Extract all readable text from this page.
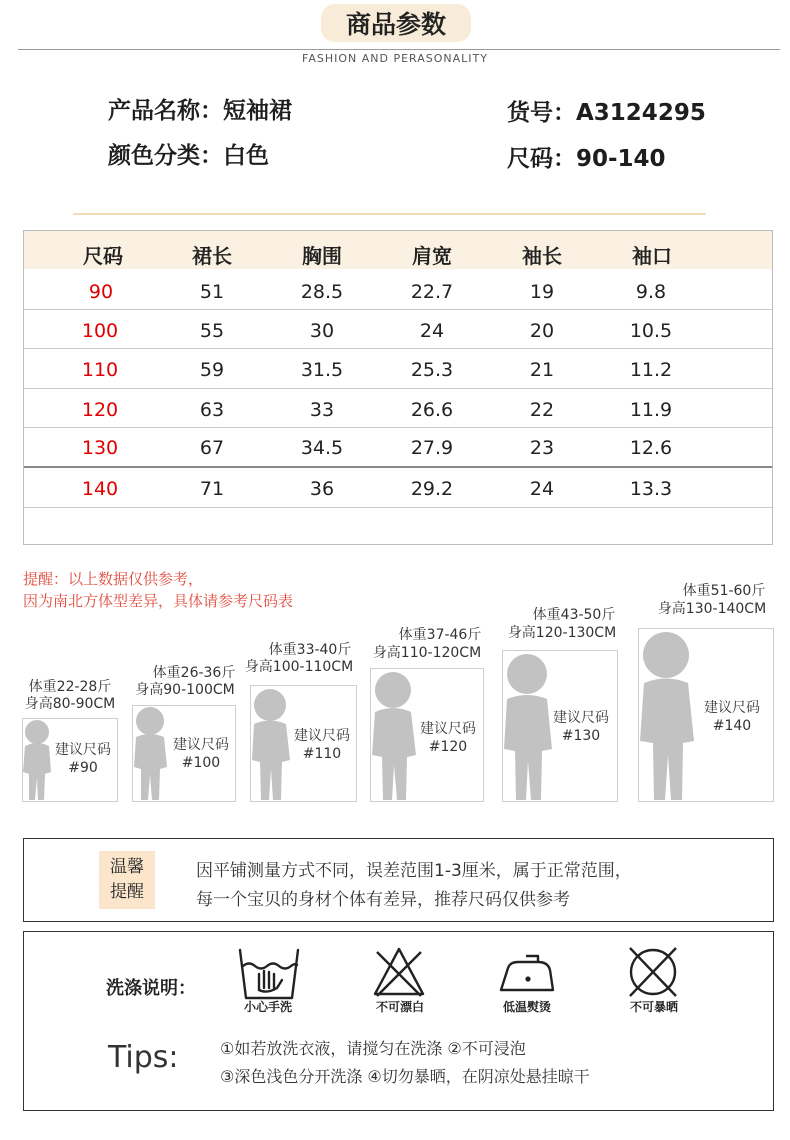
商品参数
FASHION AND PERASONALITY
产品名称：短袖裙	货号：A3124295
颜色分类：白色	尺码：90-140
尺码	裙长	胸围	肩宽	袖长	袖口
90	51	28.5	22.7	19	9.8
100	55	30	24	20	10.5
110	59	31.5	25.3	21	11.2
120	63	33	26.6	22	11.9
130	67	34.5	27.9	23	12.6
140	71	36	29.2	24	13.3
提醒：以上数据仅供参考，
因为南北方体型差异，具体请参考尺码表
体重22-28斤
身高80-90CM
建议尺码
#90
体重26-36斤
身高90-100CM
建议尺码
#100
体重33-40斤
身高100-110CM
建议尺码
#110
体重37-46斤
身高110-120CM
建议尺码
#120
体重43-50斤
身高120-130CM
建议尺码
#130
体重51-60斤
身高130-140CM
建议尺码
#140
温馨
提醒
因平铺测量方式不同，误差范围1-3厘米，属于正常范围，
每一个宝贝的身材个体有差异，推荐尺码仅供参考
洗涤说明：
小心手洗	不可漂白	低温熨烫	不可暴晒
Tips:	①如若放洗衣液，请搅匀在洗涤 ②不可浸泡
③深色浅色分开洗涤 ④切勿暴晒，在阴凉处悬挂晾干
